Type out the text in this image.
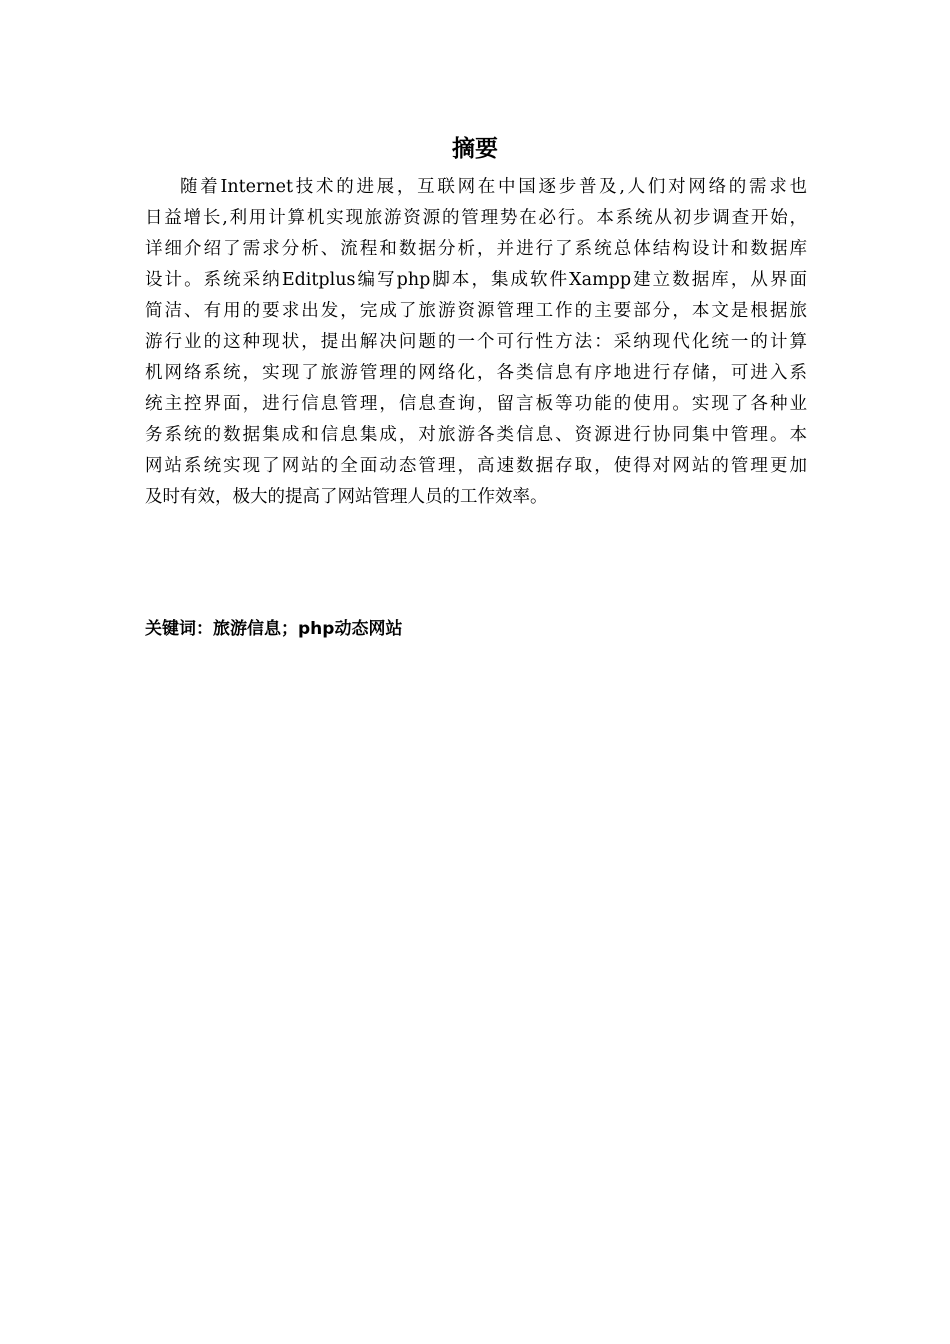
摘要
随着Internet技术的进展，互联网在中国逐步普及,人们对网络的需求也
日益增长,利用计算机实现旅游资源的管理势在必行。本系统从初步调查开始，
详细介绍了需求分析、流程和数据分析，并进行了系统总体结构设计和数据库
设计。系统采纳Editplus编写php脚本，集成软件Xampp建立数据库，从界面
简洁、有用的要求出发，完成了旅游资源管理工作的主要部分，本文是根据旅
游行业的这种现状，提出解决问题的一个可行性方法：采纳现代化统一的计算
机网络系统，实现了旅游管理的网络化，各类信息有序地进行存储，可进入系
统主控界面，进行信息管理，信息查询，留言板等功能的使用。实现了各种业
务系统的数据集成和信息集成，对旅游各类信息、资源进行协同集中管理。本
网站系统实现了网站的全面动态管理，高速数据存取，使得对网站的管理更加
及时有效，极大的提高了网站管理人员的工作效率。
关键词：旅游信息；php动态网站
